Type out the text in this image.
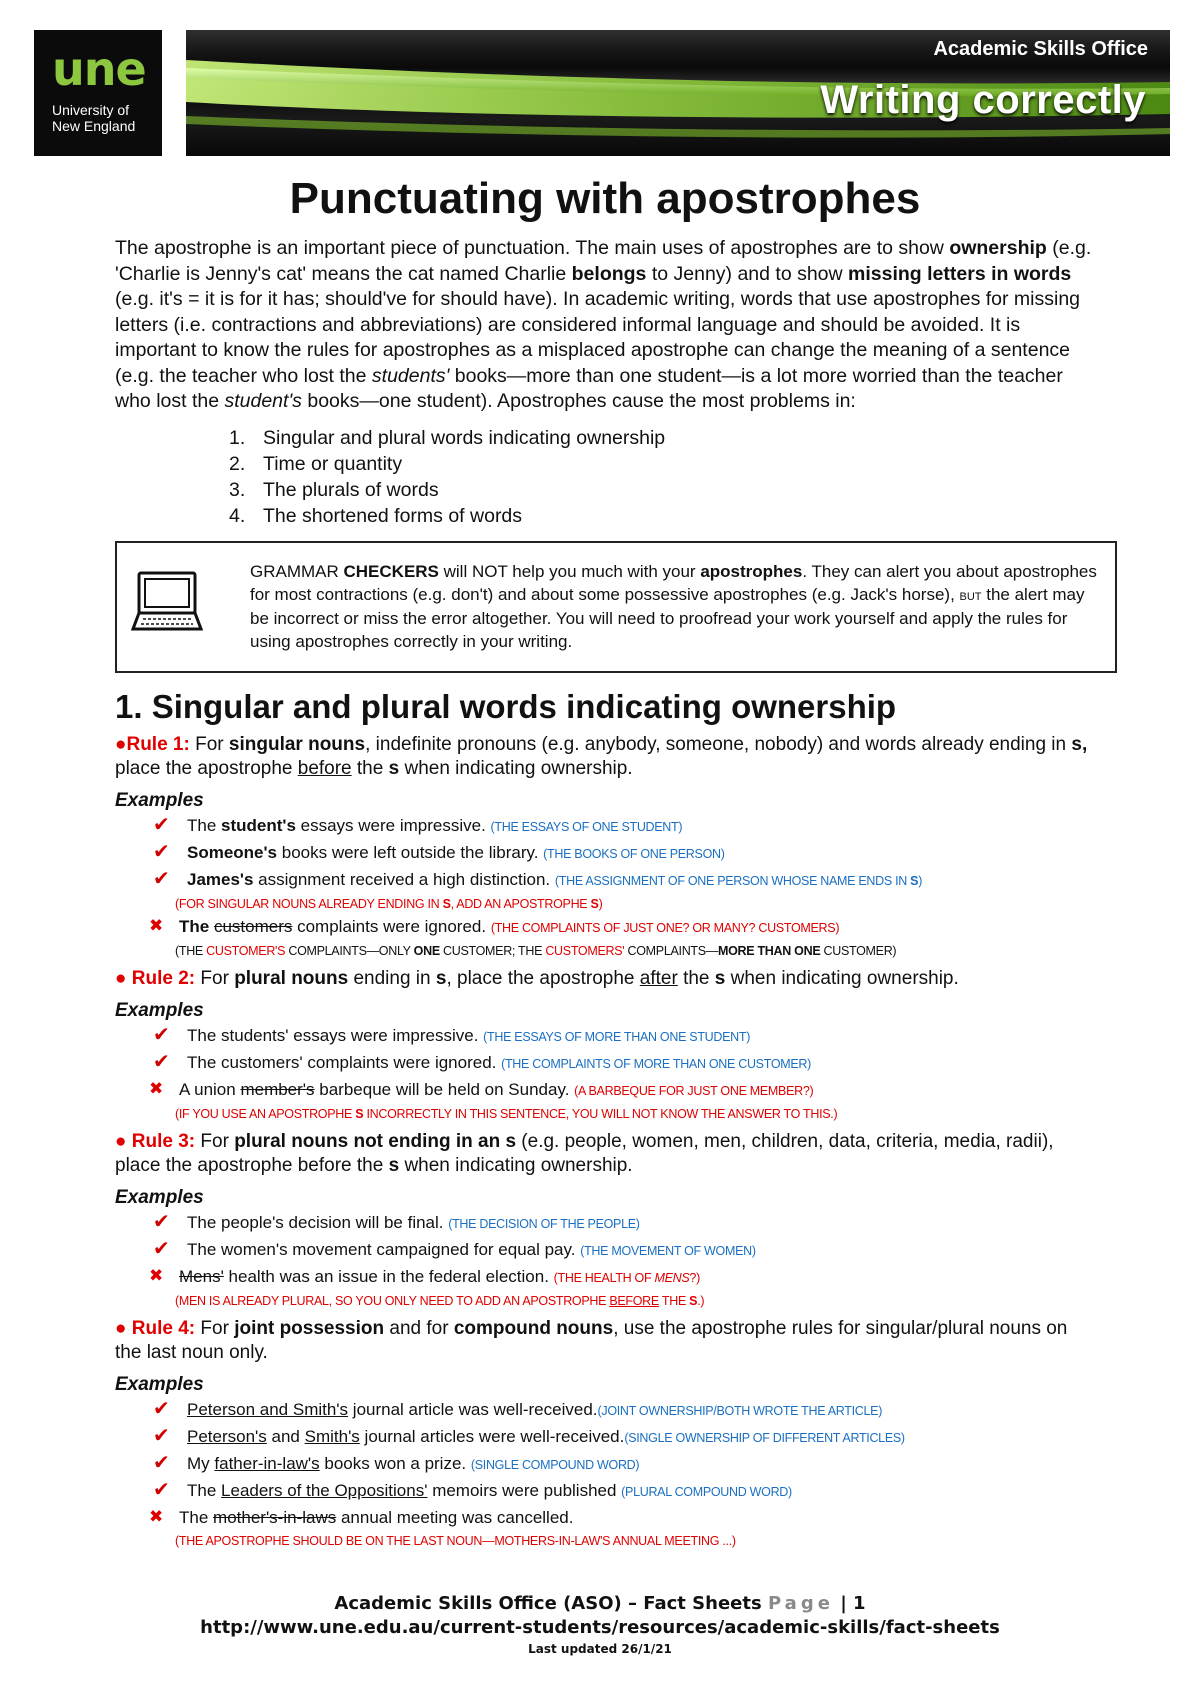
une
University of
New England
Academic Skills Office
Writing correctly
Punctuating with apostrophes

The apostrophe is an important piece of punctuation. The main uses of apostrophes are to show ownership (e.g. 'Charlie is Jenny's cat' means the cat named Charlie belongs to Jenny) and to show missing letters in words (e.g. it's = it is for it has; should've for should have). In academic writing, words that use apostrophes for missing letters (i.e. contractions and abbreviations) are considered informal language and should be avoided. It is important to know the rules for apostrophes as a misplaced apostrophe can change the meaning of a sentence (e.g. the teacher who lost the students' books—more than one student—is a lot more worried than the teacher who lost the student's books—one student). Apostrophes cause the most problems in:

1. Singular and plural words indicating ownership
2. Time or quantity
3. The plurals of words
4. The shortened forms of words
GRAMMAR CHECKERS will NOT help you much with your apostrophes. They can alert you about apostrophes for most contractions (e.g. don't) and about some possessive apostrophes (e.g. Jack's horse), but the alert may be incorrect or miss the error altogether. You will need to proofread your work yourself and apply the rules for using apostrophes correctly in your writing.
1. Singular and plural words indicating ownership
●Rule 1: For singular nouns, indefinite pronouns (e.g. anybody, someone, nobody) and words already ending in s, place the apostrophe before the s when indicating ownership.
Examples
✔ The student's essays were impressive. (THE ESSAYS OF ONE STUDENT)
✔ Someone's books were left outside the library. (THE BOOKS OF ONE PERSON)
✔ James's assignment received a high distinction. (THE ASSIGNMENT OF ONE PERSON WHOSE NAME ENDS IN S)
(FOR SINGULAR NOUNS ALREADY ENDING IN S, ADD AN APOSTROPHE S)
✖ The customers complaints were ignored. (THE COMPLAINTS OF JUST ONE? OR MANY? CUSTOMERS)
(THE CUSTOMER'S COMPLAINTS—ONLY ONE CUSTOMER; THE CUSTOMERS' COMPLAINTS—MORE THAN ONE CUSTOMER)
● Rule 2: For plural nouns ending in s, place the apostrophe after the s when indicating ownership.
Examples
✔ The students' essays were impressive. (THE ESSAYS OF MORE THAN ONE STUDENT)
✔ The customers' complaints were ignored. (THE COMPLAINTS OF MORE THAN ONE CUSTOMER)
✖ A union member's barbeque will be held on Sunday. (A BARBEQUE FOR JUST ONE MEMBER?)
(IF YOU USE AN APOSTROPHE S INCORRECTLY IN THIS SENTENCE, YOU WILL NOT KNOW THE ANSWER TO THIS.)
● Rule 3: For plural nouns not ending in an s (e.g. people, women, men, children, data, criteria, media, radii), place the apostrophe before the s when indicating ownership.
Examples
✔ The people's decision will be final. (THE DECISION OF THE PEOPLE)
✔ The women's movement campaigned for equal pay. (THE MOVEMENT OF WOMEN)
✖ Mens' health was an issue in the federal election. (THE HEALTH OF MENS?)
(MEN IS ALREADY PLURAL, SO YOU ONLY NEED TO ADD AN APOSTROPHE BEFORE THE S.)
● Rule 4: For joint possession and for compound nouns, use the apostrophe rules for singular/plural nouns on the last noun only.
Examples
✔ Peterson and Smith's journal article was well-received.(JOINT OWNERSHIP/BOTH WROTE THE ARTICLE)
✔ Peterson's and Smith's journal articles were well-received.(SINGLE OWNERSHIP OF DIFFERENT ARTICLES)
✔ My father-in-law's books won a prize. (SINGLE COMPOUND WORD)
✔ The Leaders of the Oppositions' memoirs were published (PLURAL COMPOUND WORD)
✖ The mother's-in-laws annual meeting was cancelled.
(THE APOSTROPHE SHOULD BE ON THE LAST NOUN—MOTHERS-IN-LAW'S ANNUAL MEETING ...)
Academic Skills Office (ASO) – Fact Sheets Page | 1
http://www.une.edu.au/current-students/resources/academic-skills/fact-sheets
Last updated 26/1/21
